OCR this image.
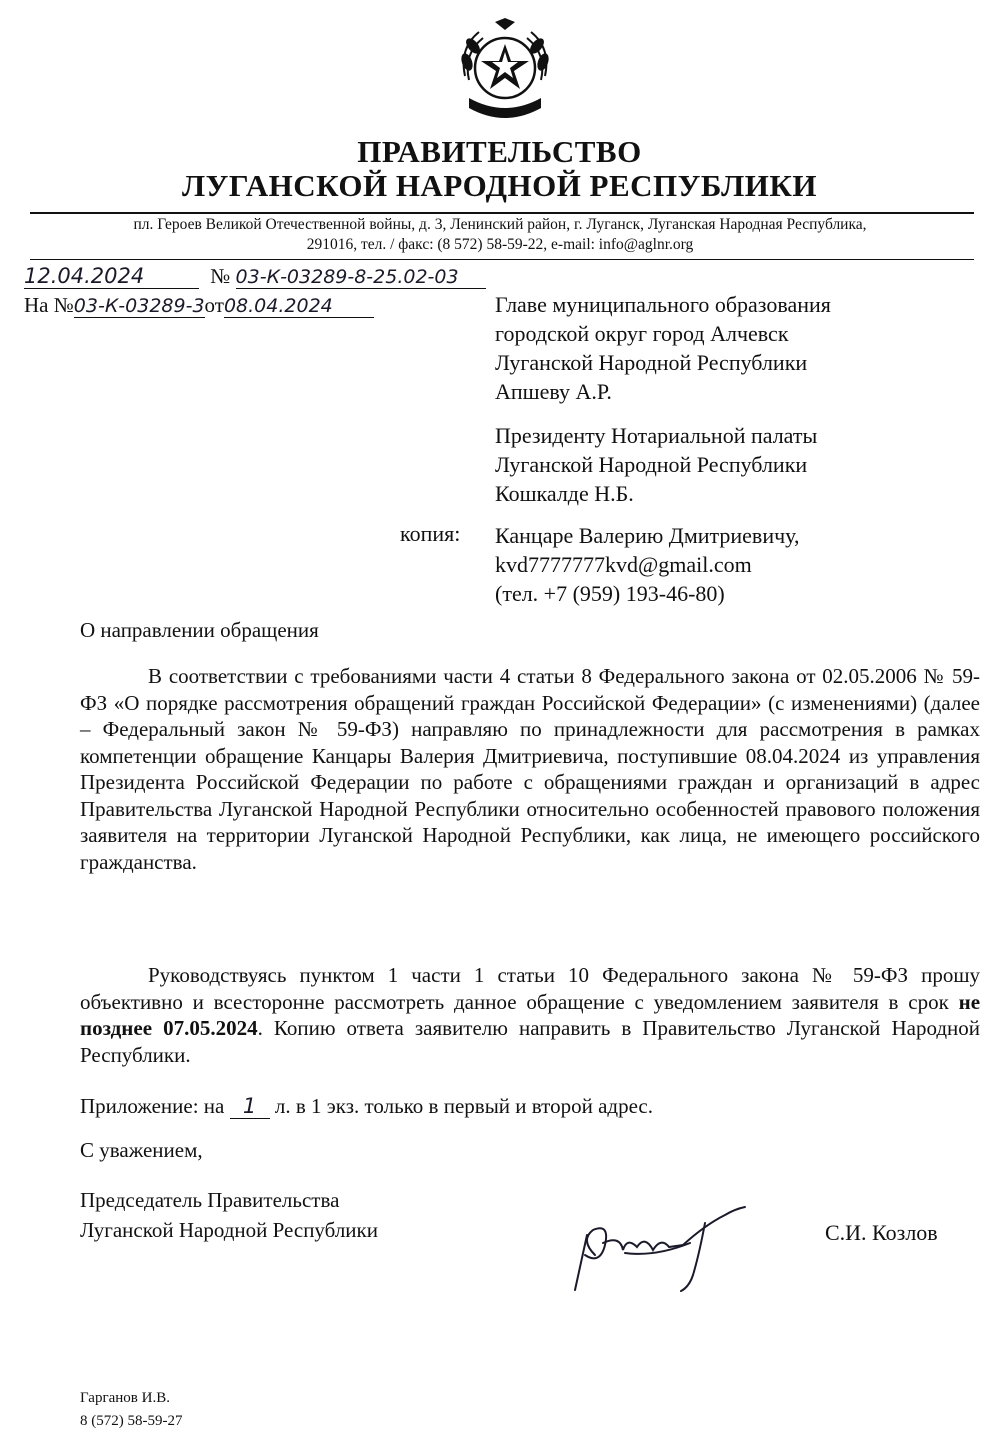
ПРАВИТЕЛЬСТВО
ЛУГАНСКОЙ НАРОДНОЙ РЕСПУБЛИКИ
пл. Героев Великой Отечественной войны, д. 3, Ленинский район, г. Луганск, Луганская Народная Республика,
291016, тел. / факс: (8 572) 58-59-22, e-mail: info@aglnr.org
12.04.2024	№ 03-К-03289-8-25.02-03
На №03-К-03289-3от08.04.2024	Главе муниципального образования
городской округ город Алчевск
Луганской Народной Республики
Апшеву А.Р.
Президенту Нотариальной палаты
Луганской Народной Республики
Кошкалде Н.Б.
копия: Канцаре Валерию Дмитриевичу,
kvd7777777kvd@gmail.com
(тел. +7 (959) 193-46-80)
О направлении обращения

В соответствии с требованиями части 4 статьи 8 Федерального закона от 02.05.2006 № 59-ФЗ «О порядке рассмотрения обращений граждан Российской Федерации» (с изменениями) (далее – Федеральный закон № 59-ФЗ) направляю по принадлежности для рассмотрения в рамках компетенции обращение Канцары Валерия Дмитриевича, поступившие 08.04.2024 из управления Президента Российской Федерации по работе с обращениями граждан и организаций в адрес Правительства Луганской Народной Республики относительно особенностей правового положения заявителя на территории Луганской Народной Республики, как лица, не имеющего российского гражданства.

Руководствуясь пунктом 1 части 1 статьи 10 Федерального закона № 59-ФЗ прошу объективно и всесторонне рассмотреть данное обращение с уведомлением заявителя в срок не позднее 07.05.2024. Копию ответа заявителю направить в Правительство Луганской Народной Республики.

Приложение: на 1 л. в 1 экз. только в первый и второй адрес.
С уважением,
Председатель Правительства
Луганской Народной Республики	С.И. Козлов
Гарганов И.В.
8 (572) 58-59-27
